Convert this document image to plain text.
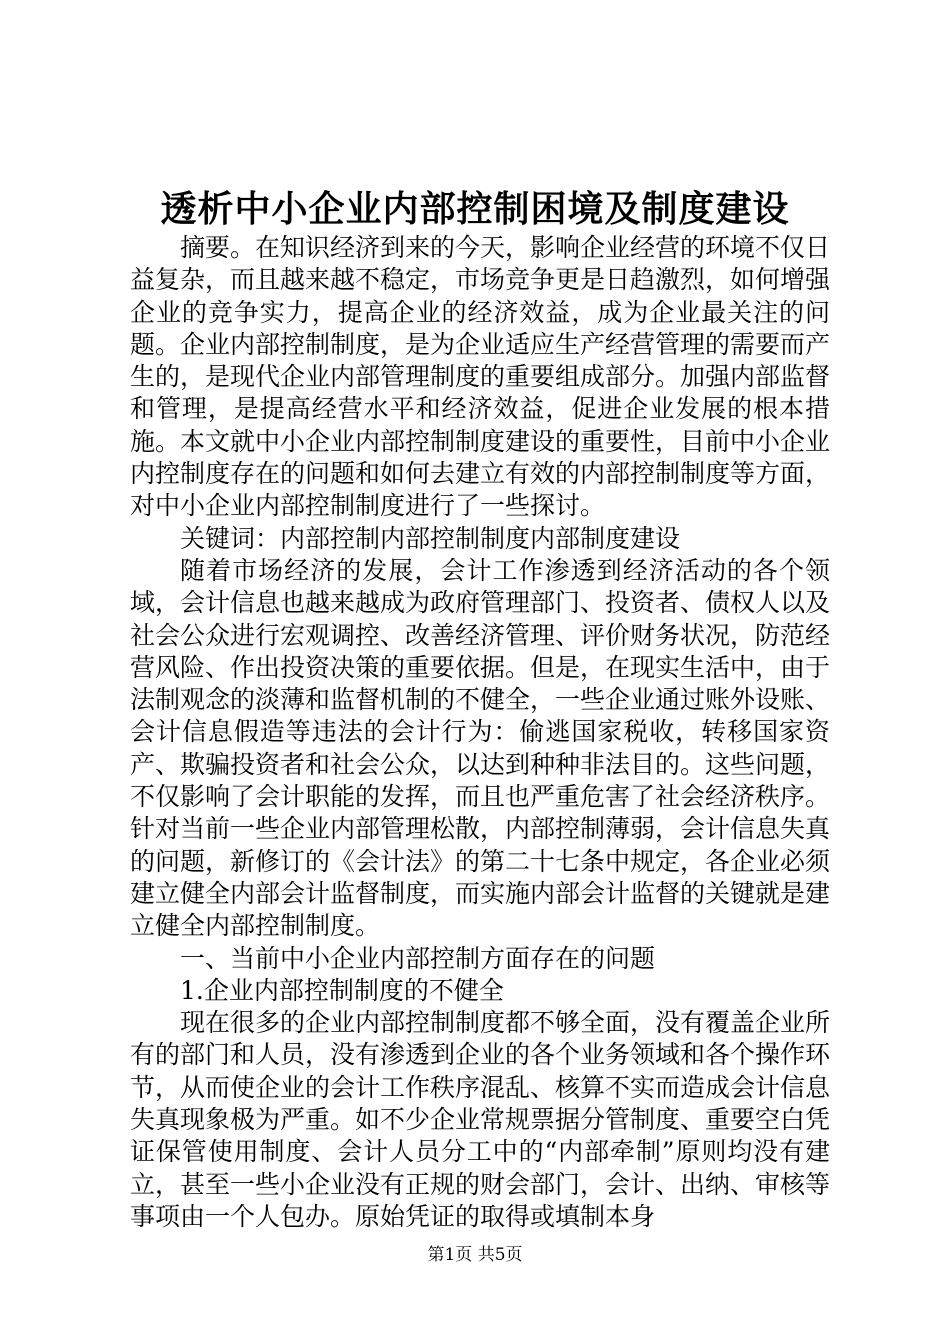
透析中小企业内部控制困境及制度建设

摘要。在知识经济到来的今天，影响企业经营的环境不仅日益复杂，而且越来越不稳定，市场竞争更是日趋激烈，如何增强企业的竞争实力，提高企业的经济效益，成为企业最关注的问题。企业内部控制制度，是为企业适应生产经营管理的需要而产生的，是现代企业内部管理制度的重要组成部分。加强内部监督和管理，是提高经营水平和经济效益，促进企业发展的根本措施。本文就中小企业内部控制制度建设的重要性，目前中小企业内控制度存在的问题和如何去建立有效的内部控制制度等方面，对中小企业内部控制制度进行了一些探讨。

关键词：内部控制内部控制制度内部制度建设

随着市场经济的发展，会计工作渗透到经济活动的各个领域，会计信息也越来越成为政府管理部门、投资者、债权人以及社会公众进行宏观调控、改善经济管理、评价财务状况，防范经营风险、作出投资决策的重要依据。但是，在现实生活中，由于法制观念的淡薄和监督机制的不健全，一些企业通过账外设账、会计信息假造等违法的会计行为：偷逃国家税收，转移国家资产、欺骗投资者和社会公众，以达到种种非法目的。这些问题，不仅影响了会计职能的发挥，而且也严重危害了社会经济秩序。针对当前一些企业内部管理松散，内部控制薄弱，会计信息失真的问题，新修订的《会计法》的第二十七条中规定，各企业必须建立健全内部会计监督制度，而实施内部会计监督的关键就是建立健全内部控制制度。

一、当前中小企业内部控制方面存在的问题

1.企业内部控制制度的不健全

现在很多的企业内部控制制度都不够全面，没有覆盖企业所有的部门和人员，没有渗透到企业的各个业务领域和各个操作环节，从而使企业的会计工作秩序混乱、核算不实而造成会计信息失真现象极为严重。如不少企业常规票据分管制度、重要空白凭证保管使用制度、会计人员分工中的“内部牵制”原则均没有建立，甚至一些小企业没有正规的财会部门，会计、出纳、审核等事项由一个人包办。原始凭证的取得或填制本身

第1页 共5页
